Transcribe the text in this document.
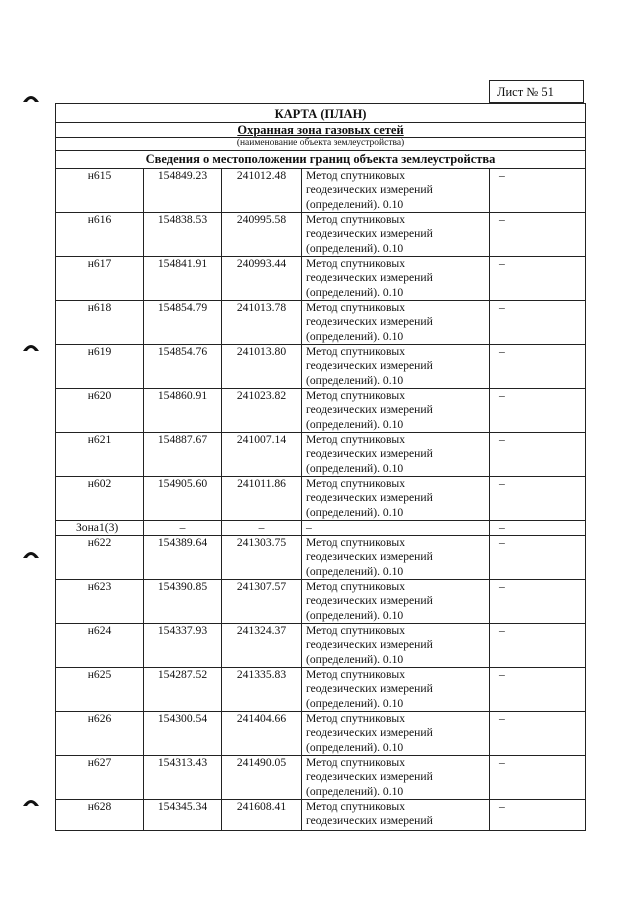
Лист № 51
КАРТА (ПЛАН)				
Охранная зона газовых сетей				
(наименование объекта землеустройства)				
Сведения о местоположении границ объекта землеустройства				
н615	154849.23	241012.48	Метод спутниковых
геодезических измерений
(определений). 0.10	–
н616	154838.53	240995.58	Метод спутниковых
геодезических измерений
(определений). 0.10	–
н617	154841.91	240993.44	Метод спутниковых
геодезических измерений
(определений). 0.10	–
н618	154854.79	241013.78	Метод спутниковых
геодезических измерений
(определений). 0.10	–
н619	154854.76	241013.80	Метод спутниковых
геодезических измерений
(определений). 0.10	–
н620	154860.91	241023.82	Метод спутниковых
геодезических измерений
(определений). 0.10	–
н621	154887.67	241007.14	Метод спутниковых
геодезических измерений
(определений). 0.10	–
н602	154905.60	241011.86	Метод спутниковых
геодезических измерений
(определений). 0.10	–
Зона1(3)	–	–	–	–
н622	154389.64	241303.75	Метод спутниковых
геодезических измерений
(определений). 0.10	–
н623	154390.85	241307.57	Метод спутниковых
геодезических измерений
(определений). 0.10	–
н624	154337.93	241324.37	Метод спутниковых
геодезических измерений
(определений). 0.10	–
н625	154287.52	241335.83	Метод спутниковых
геодезических измерений
(определений). 0.10	–
н626	154300.54	241404.66	Метод спутниковых
геодезических измерений
(определений). 0.10	–
н627	154313.43	241490.05	Метод спутниковых
геодезических измерений
(определений). 0.10	–
н628	154345.34	241608.41	Метод спутниковых
геодезических измерений	–
